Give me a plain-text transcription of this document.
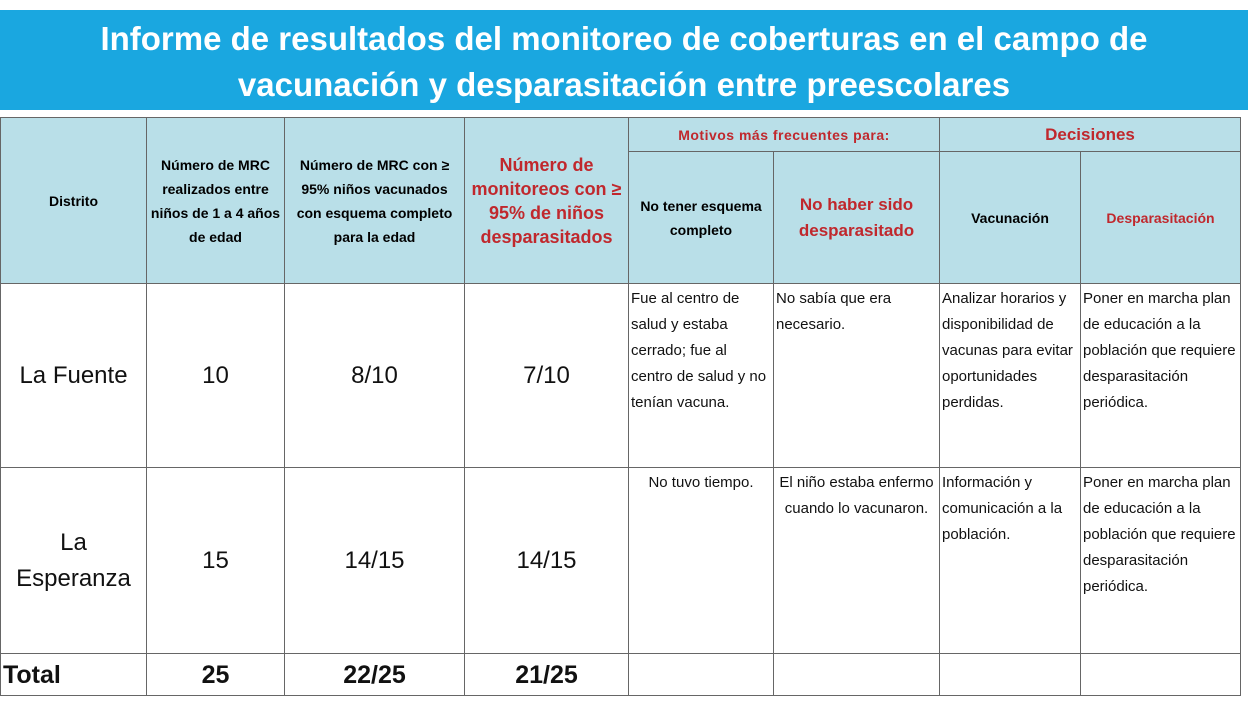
Informe de resultados del monitoreo de coberturas en el campo de
vacunación y desparasitación entre preescolares
Distrito	Número de MRC realizados entre niños de 1 a 4 años de edad	Número de MRC con ≥ 95% niños vacunados con esquema completo para la edad	Número de monitoreos con ≥ 95% de niños desparasitados	Motivos más frecuentes para:		Decisiones	
				No tener esquema completo	No haber sido desparasitado	Vacunación	Desparasitación
La Fuente	10	8/10	7/10	Fue al centro de salud y estaba cerrado; fue al centro de salud y no tenían vacuna.	No sabía que era necesario.	Analizar horarios y disponibilidad de vacunas para evitar oportunidades perdidas.	Poner en marcha plan de educación a la población que requiere desparasitación periódica.
La Esperanza	15	14/15	14/15	No tuvo tiempo.	El niño estaba enfermo cuando lo vacunaron.	Información y comunicación a la población.	Poner en marcha plan de educación a la población que requiere desparasitación periódica.
Total	25	22/25	21/25				
